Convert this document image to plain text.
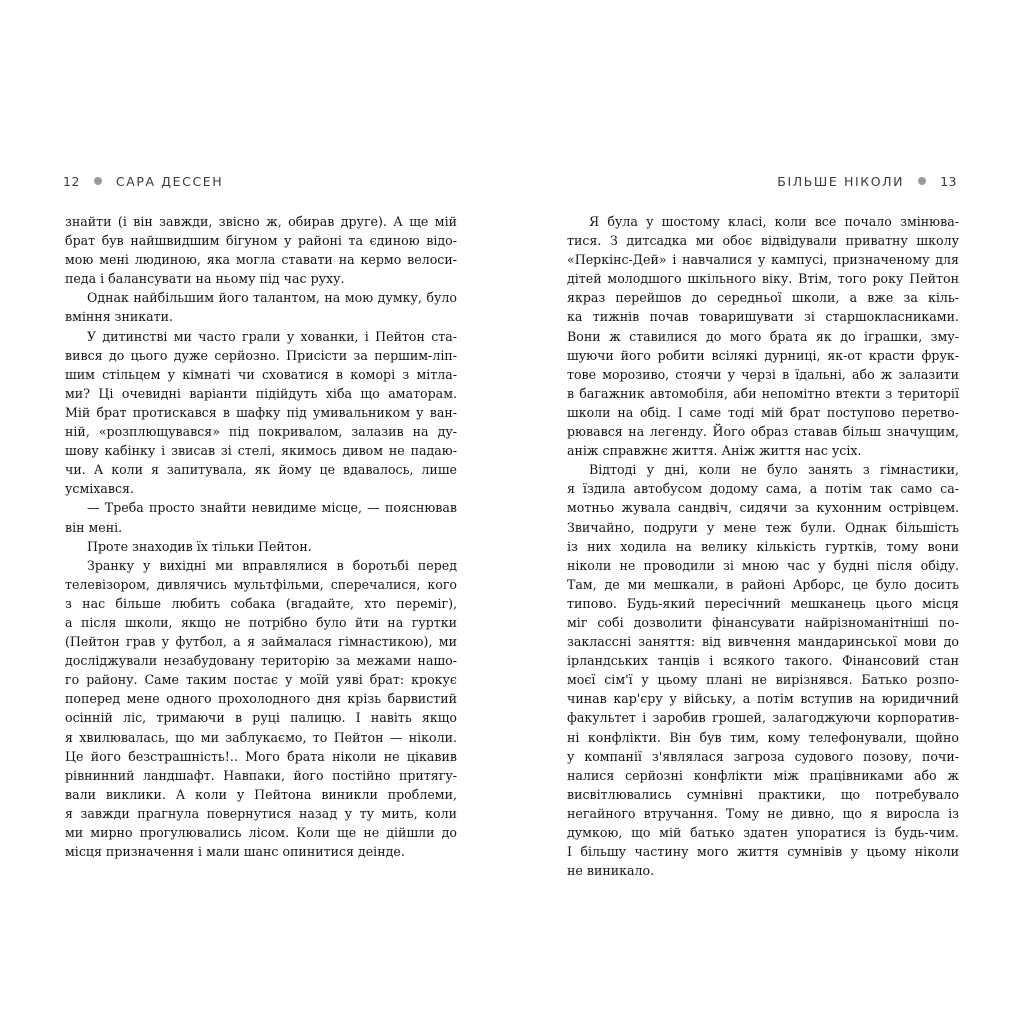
12	САРА ДЕССЕН
знайти (і він завжди, звісно ж, обирав друге). А ще мій
брат був найшвидшим бігуном у районі та єдиною відо-
мою мені людиною, яка могла ставати на кермо велоси-
педа і балансувати на ньому під час руху.
Однак найбільшим його талантом, на мою думку, було
вміння зникати.
У дитинстві ми часто грали у хованки, і Пейтон ста-
вився до цього дуже серйозно. Присісти за першим-ліп-
шим стільцем у кімнаті чи сховатися в коморі з мітла-
ми? Ці очевидні варіанти підійдуть хіба що аматорам.
Мій брат протискався в шафку під умивальником у ван-
ній, «розплющувався» під покривалом, залазив на ду-
шову кабінку і звисав зі стелі, якимось дивом не падаю-
чи. А коли я запитувала, як йому це вдавалось, лише
усміхався.
— Треба просто знайти невидиме місце, — пояснював
він мені.
Проте знаходив їх тільки Пейтон.
Зранку у вихідні ми вправлялися в боротьбі перед
телевізором, дивлячись мультфільми, сперечалися, кого
з нас більше любить собака (вгадайте, хто переміг),
а після школи, якщо не потрібно було йти на гуртки
(Пейтон грав у футбол, а я займалася гімнастикою), ми
досліджували незабудовану територію за межами нашо-
го району. Саме таким постає у моїй уяві брат: крокує
поперед мене одного прохолодного дня крізь барвистий
осінній ліс, тримаючи в руці палицю. І навіть якщо
я хвилювалась, що ми заблукаємо, то Пейтон — ніколи.
Це його безстрашність!.. Мого брата ніколи не цікавив
рівнинний ландшафт. Навпаки, його постійно притягу-
вали виклики. А коли у Пейтона виникли проблеми,
я завжди прагнула повернутися назад у ту мить, коли
ми мирно прогулювались лісом. Коли ще не дійшли до
місця призначення і мали шанс опинитися деінде.
БІЛЬШЕ НІКОЛИ	13
Я була у шостому класі, коли все почало змінюва-
тися. З дитсадка ми обоє відвідували приватну школу
«Перкінс-Дей» і навчалися у кампусі, призначеному для
дітей молодшого шкільного віку. Втім, того року Пейтон
якраз перейшов до середньої школи, а вже за кіль-
ка тижнів почав товаришувати зі старшокласниками.
Вони ж ставилися до мого брата як до іграшки, зму-
шуючи його робити всілякі дурниці, як-от красти фрук-
тове морозиво, стоячи у черзі в їдальні, або ж залазити
в багажник автомобіля, аби непомітно втекти з території
школи на обід. І саме тоді мій брат поступово перетво-
рювався на легенду. Його образ ставав більш значущим,
аніж справжнє життя. Аніж життя нас усіх.
Відтоді у дні, коли не було занять з гімнастики,
я їздила автобусом додому сама, а потім так само са-
мотньо жувала сандвіч, сидячи за кухонним острівцем.
Звичайно, подруги у мене теж були. Однак більшість
із них ходила на велику кількість гуртків, тому вони
ніколи не проводили зі мною час у будні після обіду.
Там, де ми мешкали, в районі Арборс, це було досить
типово. Будь-який пересічний мешканець цього місця
міг собі дозволити фінансувати найрізноманітніші по-
заклассні заняття: від вивчення мандаринської мови до
ірландських танців і всякого такого. Фінансовий стан
моєї сім'ї у цьому плані не вирізнявся. Батько розпо-
чинав кар'єру у війську, а потім вступив на юридичний
факультет і заробив грошей, залагоджуючи корпоратив-
ні конфлікти. Він був тим, кому телефонували, щойно
у компанії з'являлася загроза судового позову, почи-
налися серйозні конфлікти між працівниками або ж
висвітлювались сумнівні практики, що потребувало
негайного втручання. Тому не дивно, що я виросла із
думкою, що мій батько здатен упоратися із будь-чим.
І більшу частину мого життя сумнівів у цьому ніколи
не виникало.
